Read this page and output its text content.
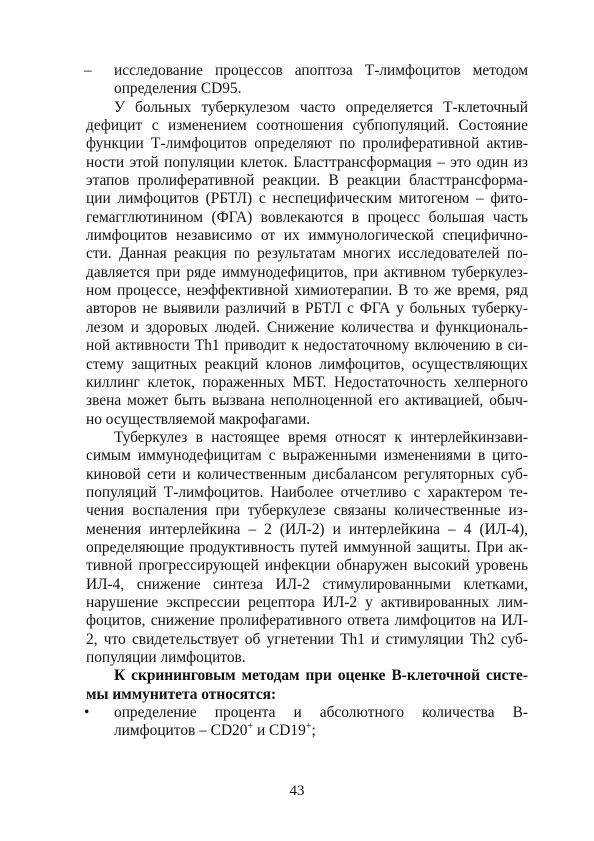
–	исследование процессов апоптоза Т-лимфоцитов методом
определения CD95.
У больных туберкулезом часто определяется Т-клеточный
дефицит с изменением соотношения субпопуляций. Состояние
функции Т-лимфоцитов определяют по пролиферативной актив-
ности этой популяции клеток. Бласттрансформация – это один из
этапов пролиферативной реакции. В реакции бласттрансформа-
ции лимфоцитов (РБТЛ) с неспецифическим митогеном – фито-
гемагглютинином (ФГА) вовлекаются в процесс большая часть
лимфоцитов независимо от их иммунологической специфично-
сти. Данная реакция по результатам многих исследователей по-
давляется при ряде иммунодефицитов, при активном туберкулез-
ном процессе, неэффективной химиотерапии. В то же время, ряд
авторов не выявили различий в РБТЛ с ФГА у больных туберку-
лезом и здоровых людей. Снижение количества и функциональ-
ной активности Th1 приводит к недостаточному включению в си-
стему защитных реакций клонов лимфоцитов, осуществляющих
киллинг клеток, пораженных МБТ. Недостаточность хелперного
звена может быть вызвана неполноценной его активацией, обыч-
но осуществляемой макрофагами.
Туберкулез в настоящее время относят к интерлейкинзави-
симым иммунодефицитам с выраженными изменениями в цито-
киновой сети и количественным дисбалансом регуляторных суб-
популяций Т-лимфоцитов. Наиболее отчетливо с характером те-
чения воспаления при туберкулезе связаны количественные из-
менения интерлейкина – 2 (ИЛ-2) и интерлейкина – 4 (ИЛ-4),
определяющие продуктивность путей иммунной защиты. При ак-
тивной прогрессирующей инфекции обнаружен высокий уровень
ИЛ-4, снижение синтеза ИЛ-2 стимулированными клетками,
нарушение экспрессии рецептора ИЛ-2 у активированных лим-
фоцитов, снижение пролиферативного ответа лимфоцитов на ИЛ-
2, что свидетельствует об угнетении Th1 и стимуляции Th2 суб-
популяции лимфоцитов.
К скрининговым методам при оценке В-клеточной систе-
мы иммунитета относятся:
•	определение процента и абсолютного количества В-
лимфоцитов – CD20+ и CD19+;
43
